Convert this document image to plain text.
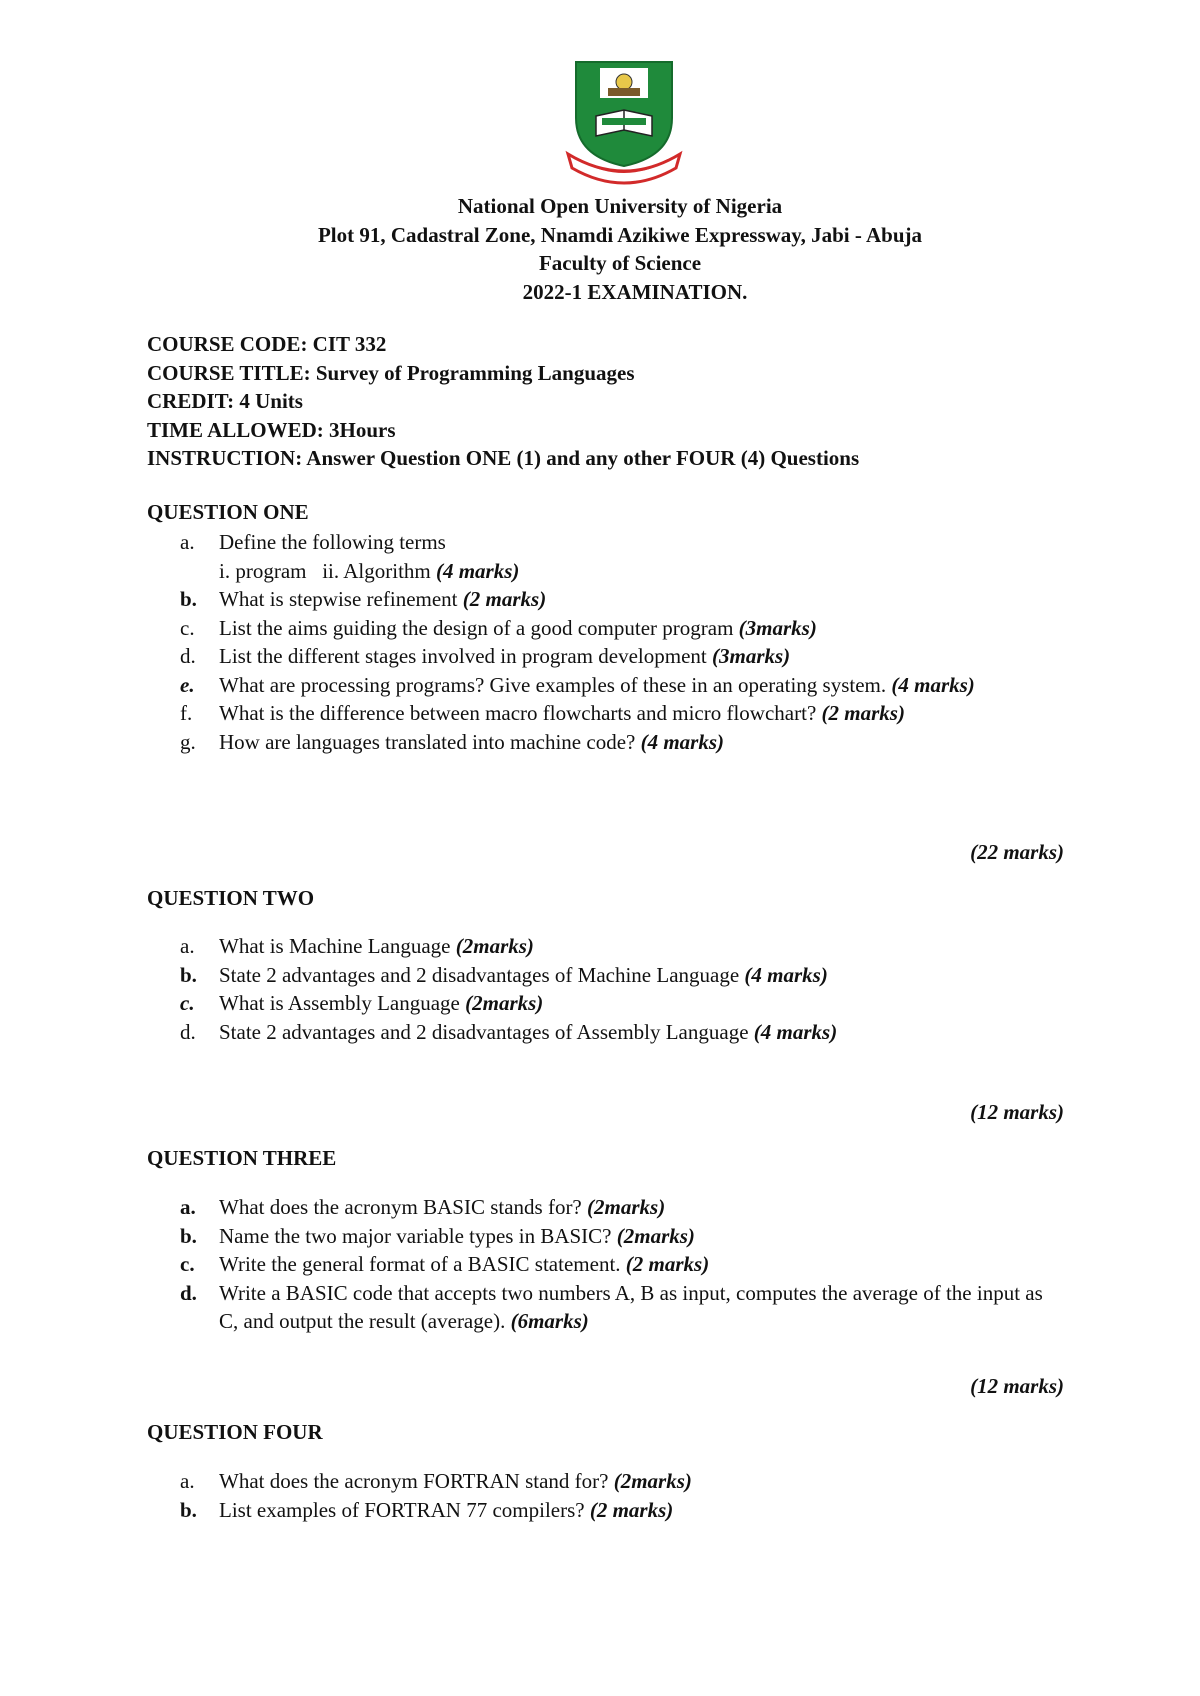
National Open University of Nigeria
Plot 91, Cadastral Zone, Nnamdi Azikiwe Expressway, Jabi - Abuja
Faculty of Science
2022-1 EXAMINATION.
COURSE CODE: CIT 332
COURSE TITLE: Survey of Programming Languages
CREDIT: 4 Units
TIME ALLOWED: 3Hours
INSTRUCTION: Answer Question ONE (1) and any other FOUR (4) Questions
QUESTION ONE
a. Define the following terms
i. program   ii. Algorithm (4 marks)
b. What is stepwise refinement (2 marks)
c. List the aims guiding the design of a good computer program (3marks)
d. List the different stages involved in program development (3marks)
e. What are processing programs? Give examples of these in an operating system. (4 marks)
f. What is the difference between macro flowcharts and micro flowchart? (2 marks)
g. How are languages translated into machine code? (4 marks)
(22 marks)
QUESTION TWO
a. What is Machine Language (2marks)
b. State 2 advantages and 2 disadvantages of Machine Language (4 marks)
c. What is Assembly Language (2marks)
d. State 2 advantages and 2 disadvantages of Assembly Language (4 marks)
(12 marks)
QUESTION THREE
a. What does the acronym BASIC stands for? (2marks)
b. Name the two major variable types in BASIC? (2marks)
c. Write the general format of a BASIC statement. (2 marks)
d. Write a BASIC code that accepts two numbers A, B as input, computes the average of the input as C, and output the result (average). (6marks)
(12 marks)
QUESTION FOUR
a. What does the acronym FORTRAN stand for? (2marks)
b. List examples of FORTRAN 77 compilers? (2 marks)
